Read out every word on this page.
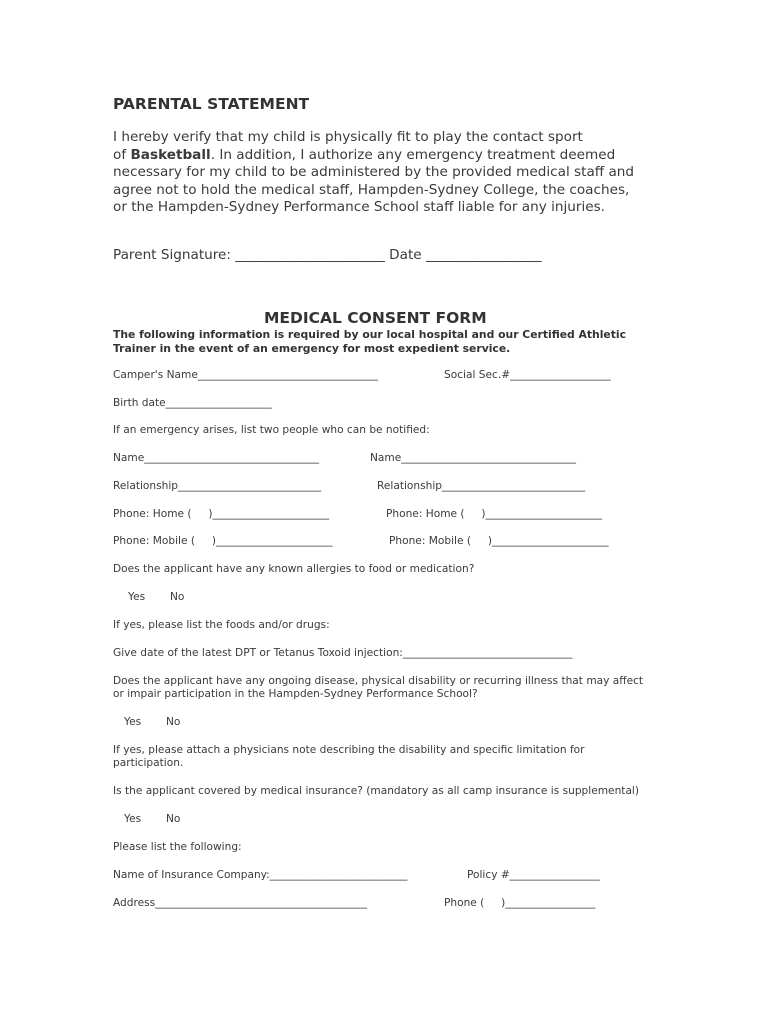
PARENTAL STATEMENT
I hereby verify that my child is physically fit to play the contact sport
of Basketball. In addition, I authorize any emergency treatment deemed
necessary for my child to be administered by the provided medical staff and
agree not to hold the medical staff, Hampden-Sydney College, the coaches,
or the Hampden-Sydney Performance School staff liable for any injuries.
Parent Signature: ______________________ Date _________________
MEDICAL CONSENT FORM
The following information is required by our local hospital and our Certified Athletic
Trainer in the event of an emergency for most expedient service.
Camper's Name__________________________________	Social Sec.#___________________
Birth date____________________
If an emergency arises, list two people who can be notified:
Name_________________________________	Name_________________________________
Relationship___________________________	Relationship___________________________
Phone: Home (     )______________________	Phone: Home (     )______________________
Phone: Mobile (     )______________________	Phone: Mobile (     )______________________
Does the applicant have any known allergies to food or medication?
Yes No
If yes, please list the foods and/or drugs:
Give date of the latest DPT or Tetanus Toxoid injection:________________________________
Does the applicant have any ongoing disease, physical disability or recurring illness that may affect
or impair participation in the Hampden-Sydney Performance School?
Yes No
If yes, please attach a physicians note describing the disability and specific limitation for
participation.
Is the applicant covered by medical insurance? (mandatory as all camp insurance is supplemental)
Yes No
Please list the following:
Name of Insurance Company:__________________________	Policy #_________________
Address________________________________________	Phone (     )_________________
